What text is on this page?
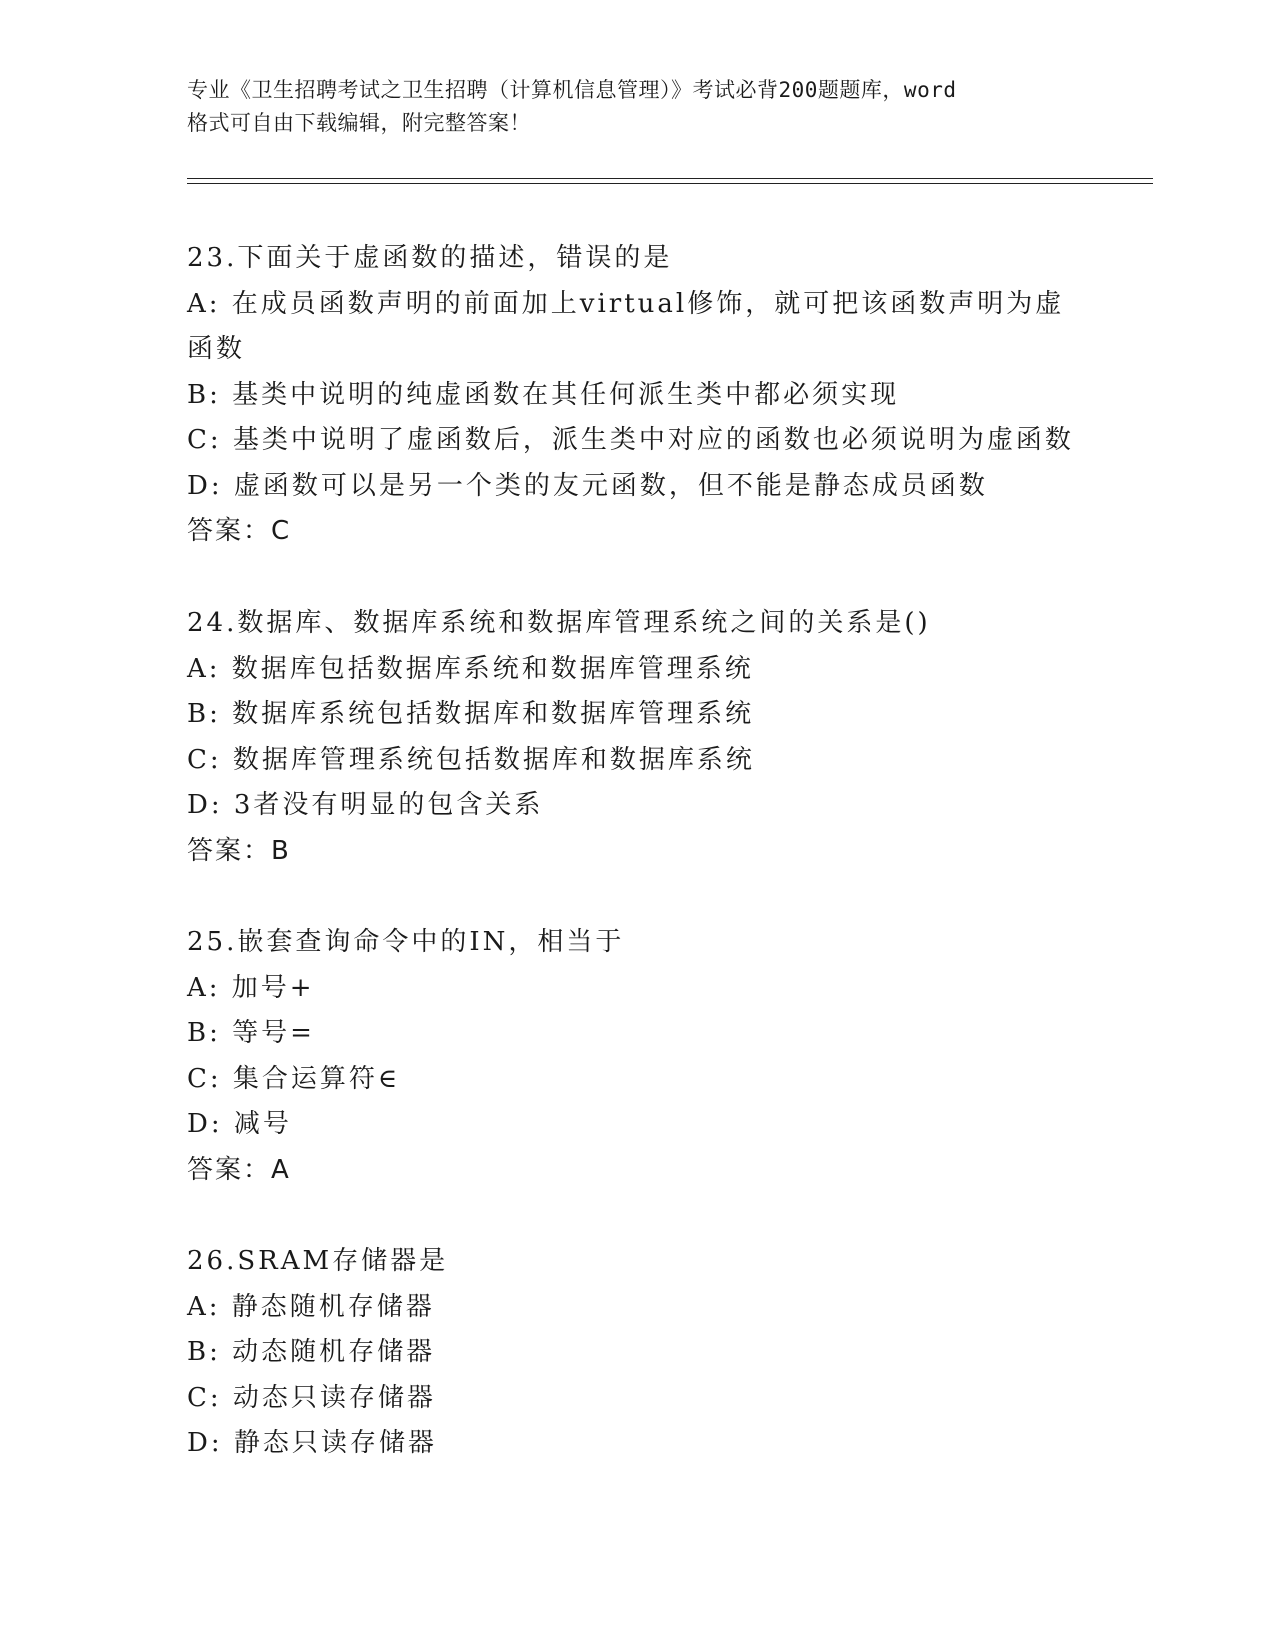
专业《卫生招聘考试之卫生招聘（计算机信息管理）》考试必背200题题库，word
格式可自由下载编辑，附完整答案！
23.下面关于虚函数的描述，错误的是
A: 在成员函数声明的前面加上virtual修饰，就可把该函数声明为虚函数
B: 基类中说明的纯虚函数在其任何派生类中都必须实现
C: 基类中说明了虚函数后，派生类中对应的函数也必须说明为虚函数
D: 虚函数可以是另一个类的友元函数，但不能是静态成员函数
答案：C
24.数据库、数据库系统和数据库管理系统之间的关系是()
A: 数据库包括数据库系统和数据库管理系统
B: 数据库系统包括数据库和数据库管理系统
C: 数据库管理系统包括数据库和数据库系统
D: 3者没有明显的包含关系
答案：B
25.嵌套查询命令中的IN，相当于
A: 加号+
B: 等号=
C: 集合运算符∈
D: 减号
答案：A
26.SRAM存储器是
A: 静态随机存储器
B: 动态随机存储器
C: 动态只读存储器
D: 静态只读存储器
